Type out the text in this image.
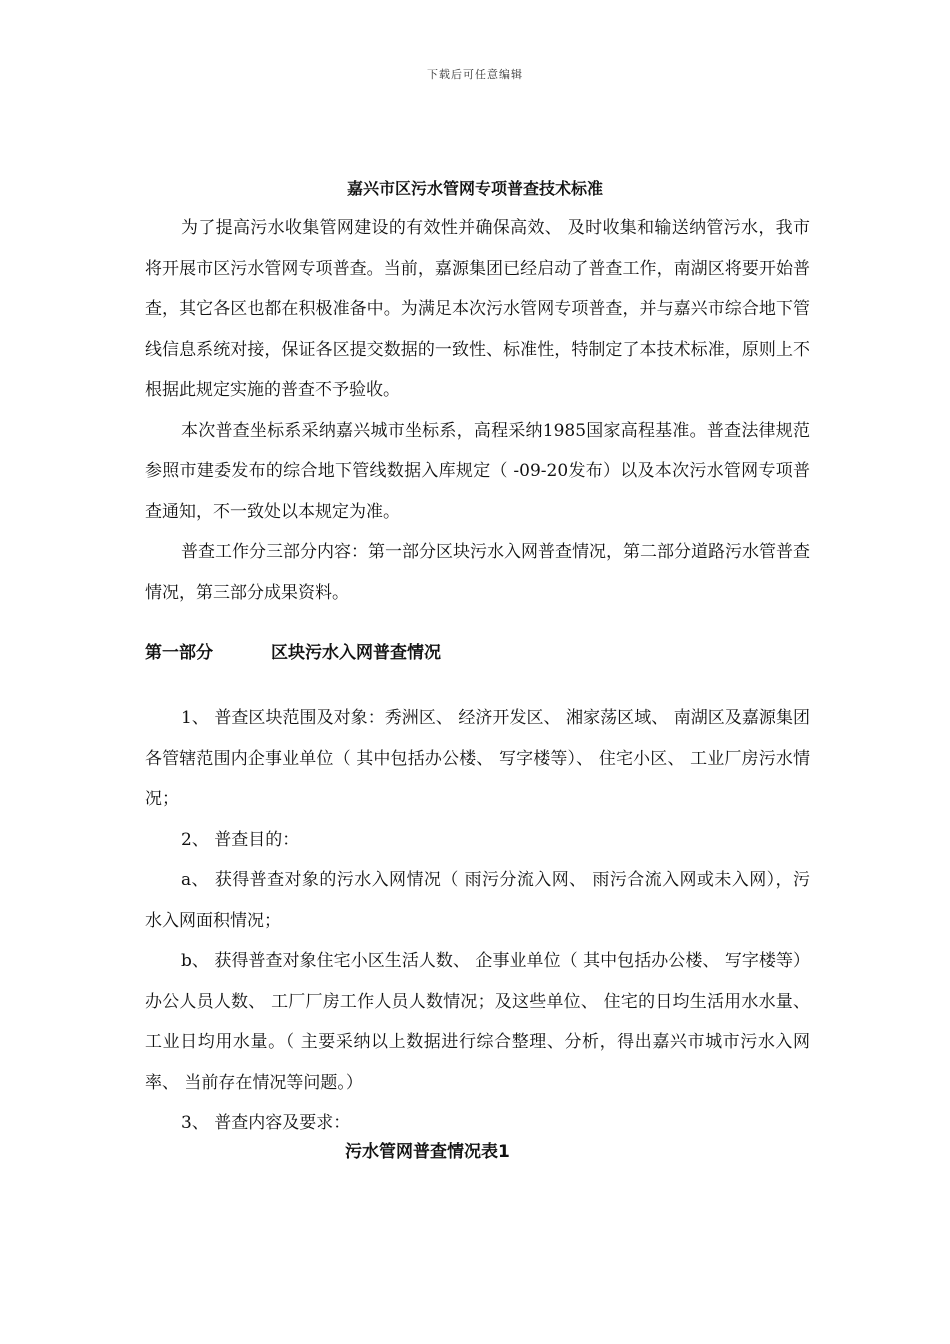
下载后可任意编辑
嘉兴市区污水管网专项普查技术标准

为了提高污水收集管网建设的有效性并确保高效、 及时收集和输送纳管污水，我市将开展市区污水管网专项普查。当前，嘉源集团已经启动了普查工作，南湖区将要开始普查，其它各区也都在积极准备中。为满足本次污水管网专项普查，并与嘉兴市综合地下管线信息系统对接，保证各区提交数据的一致性、标准性，特制定了本技术标准，原则上不根据此规定实施的普查不予验收。

本次普查坐标系采纳嘉兴城市坐标系，高程采纳1985国家高程基准。普查法律规范参照市建委发布的综合地下管线数据入库规定（ -09-20发布）以及本次污水管网专项普查通知，不一致处以本规定为准。

普查工作分三部分内容：第一部分区块污水入网普查情况，第二部分道路污水管普查情况，第三部分成果资料。

第一部分	区块污水入网普查情况

1、 普查区块范围及对象：秀洲区、 经济开发区、 湘家荡区域、 南湖区及嘉源集团各管辖范围内企事业单位（ 其中包括办公楼、 写字楼等）、 住宅小区、 工业厂房污水情况；

2、 普查目的：

a、 获得普查对象的污水入网情况（ 雨污分流入网、 雨污合流入网或未入网），污水入网面积情况；

b、 获得普查对象住宅小区生活人数、 企事业单位（ 其中包括办公楼、 写字楼等）办公人员人数、 工厂厂房工作人员人数情况；及这些单位、 住宅的日均生活用水水量、 工业日均用水量。（ 主要采纳以上数据进行综合整理、分析，得出嘉兴市城市污水入网率、 当前存在情况等问题。）

3、 普查内容及要求：

污水管网普查情况表1
